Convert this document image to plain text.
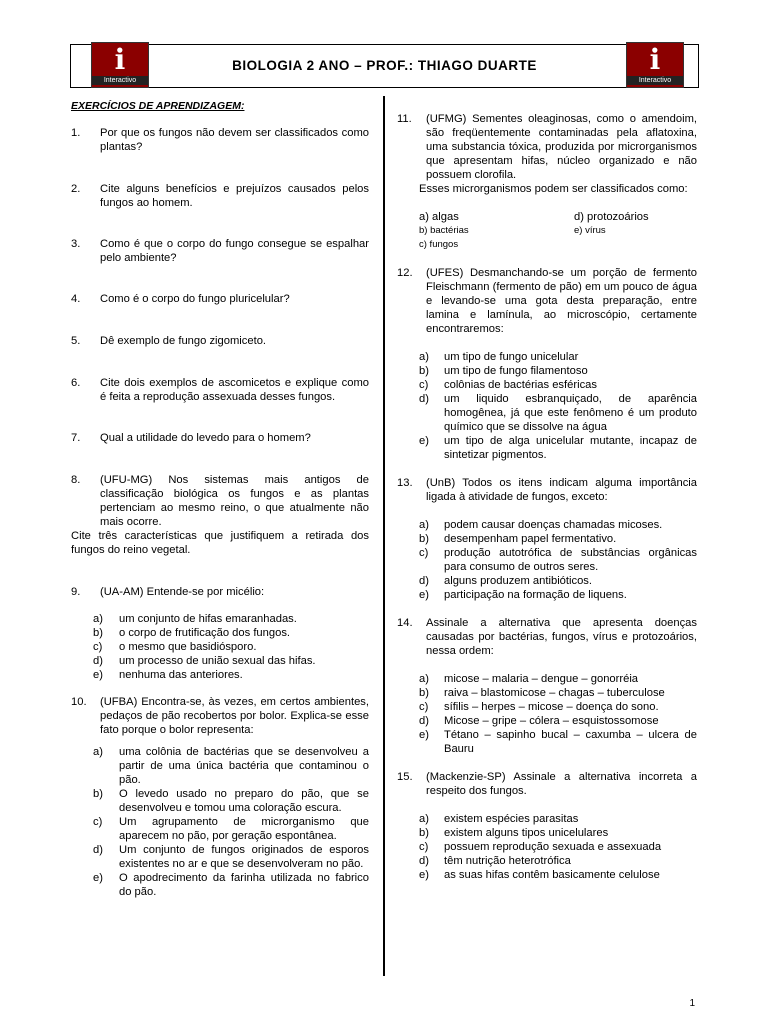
i
Interactivo
BIOLOGIA 2 ANO – PROF.: THIAGO DUARTE	i
Interactivo
EXERCÍCIOS DE APRENDIZAGEM:
1. Por que os fungos não devem ser classificados como plantas?
2. Cite alguns benefícios e prejuízos causados pelos fungos ao homem.
3. Como é que o corpo do fungo consegue se espalhar pelo ambiente?
4. Como é o corpo do fungo pluricelular?
5. Dê exemplo de fungo zigomiceto.
6. Cite dois exemplos de ascomicetos e explique como é feita a reprodução assexuada desses fungos.
7. Qual a utilidade do levedo para o homem?
8. (UFU-MG) Nos sistemas mais antigos de classificação biológica os fungos e as plantas pertenciam ao mesmo reino, o que atualmente não mais ocorre.
Cite três características que justifiquem a retirada dos fungos do reino vegetal.
9. (UA-AM) Entende-se por micélio:
a) um conjunto de hifas emaranhadas.
b) o corpo de frutificação dos fungos.
c) o mesmo que basidiósporo.
d) um processo de união sexual das hifas.
e) nenhuma das anteriores.
10. (UFBA) Encontra-se, às vezes, em certos ambientes, pedaços de pão recobertos por bolor. Explica-se esse fato porque o bolor representa:
a) uma colônia de bactérias que se desenvolveu a partir de uma única bactéria que contaminou o pão.
b) O levedo usado no preparo do pão, que se desenvolveu e tomou uma coloração escura.
c) Um agrupamento de microrganismo que aparecem no pão, por geração espontânea.
d) Um conjunto de fungos originados de esporos existentes no ar e que se desenvolveram no pão.
e) O apodrecimento da farinha utilizada no fabrico do pão.
11. (UFMG) Sementes oleaginosas, como o amendoim, são freqüentemente contaminadas pela aflatoxina, uma substancia tóxica, produzida por microrganismos que apresentam hifas, núcleo organizado e não possuem clorofila.
Esses microrganismos podem ser classificados como:
a) algas	d) protozoários
b) bactérias	e) vírus
c) fungos
12. (UFES) Desmanchando-se um porção de fermento Fleischmann (fermento de pão) em um pouco de água e levando-se uma gota desta preparação, entre lamina e lamínula, ao microscópio, certamente encontraremos:
a) um tipo de fungo unicelular
b) um tipo de fungo filamentoso
c) colônias de bactérias esféricas
d) um liquido esbranquiçado, de aparência homogênea, já que este fenômeno é um produto químico que se dissolve na água
e) um tipo de alga unicelular mutante, incapaz de sintetizar pigmentos.
13. (UnB) Todos os itens indicam alguma importância ligada à atividade de fungos, exceto:
a) podem causar doenças chamadas micoses.
b) desempenham papel fermentativo.
c) produção autotrófica de substâncias orgânicas para consumo de outros seres.
d) alguns produzem antibióticos.
e) participação na formação de liquens.
14. Assinale a alternativa que apresenta doenças causadas por bactérias, fungos, vírus e protozoários, nessa ordem:
a) micose – malaria – dengue – gonorréia
b) raiva – blastomicose – chagas – tuberculose
c) sífilis – herpes – micose – doença do sono.
d) Micose – gripe – cólera – esquistossomose
e) Tétano – sapinho bucal – caxumba – ulcera de Bauru
15. (Mackenzie-SP) Assinale a alternativa incorreta a respeito dos fungos.
a) existem espécies parasitas
b) existem alguns tipos unicelulares
c) possuem reprodução sexuada e assexuada
d) têm nutrição heterotrófica
e) as suas hifas contêm basicamente celulose
1
